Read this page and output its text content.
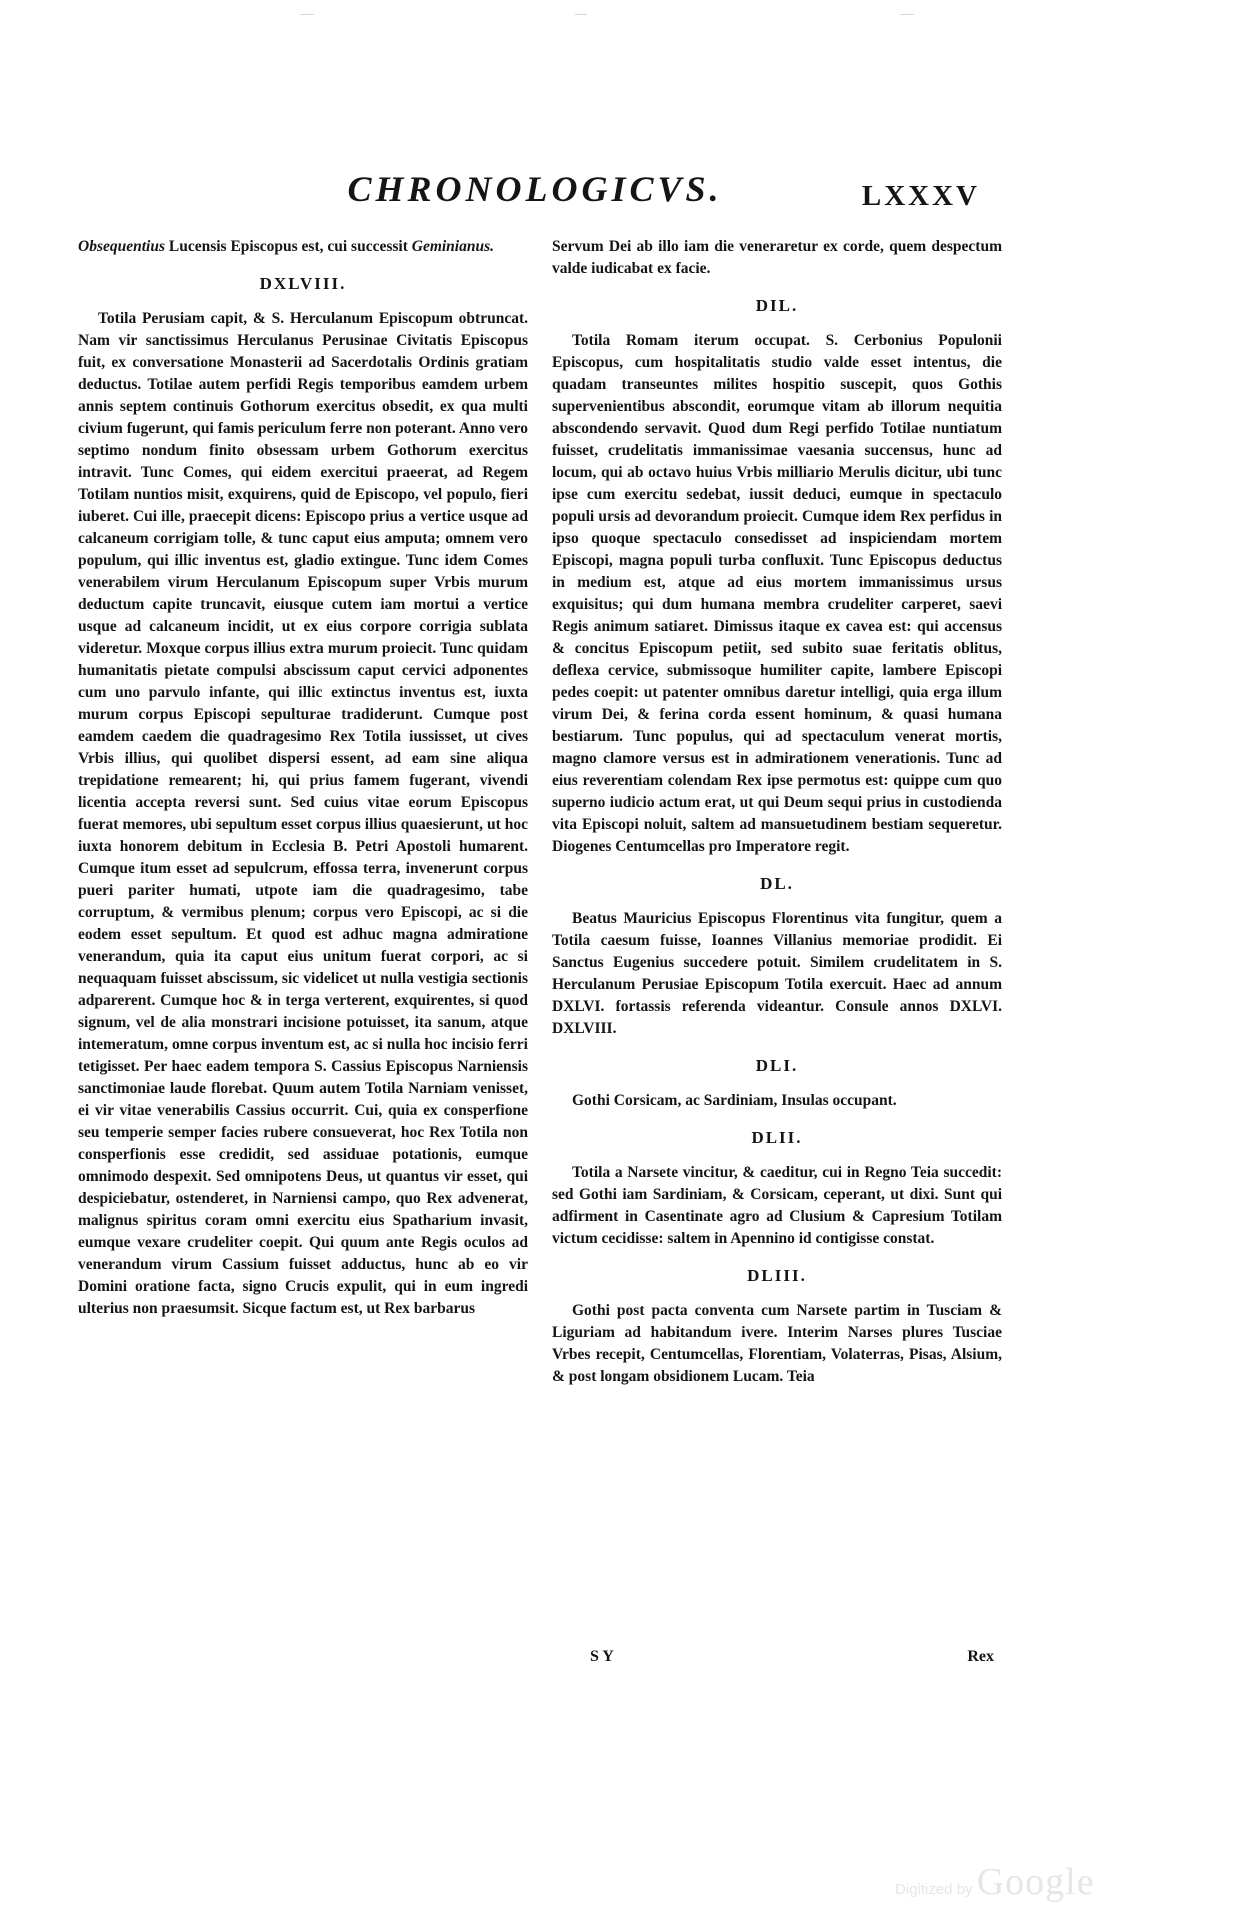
CHRONOLOGICVS.	LXXXV

Obsequentius Lucensis Episcopus est, cui successit Geminianus.

DXLVIII.

Totila Perusiam capit, & S. Herculanum Episcopum obtruncat. Nam vir sanctissimus Herculanus Perusinae Civitatis Episcopus fuit, ex conversatione Monasterii ad Sacerdotalis Ordinis gratiam deductus. Totilae autem perfidi Regis temporibus eamdem urbem annis septem continuis Gothorum exercitus obsedit, ex qua multi civium fugerunt, qui famis periculum ferre non poterant. Anno vero septimo nondum finito obsessam urbem Gothorum exercitus intravit. Tunc Comes, qui eidem exercitui praeerat, ad Regem Totilam nuntios misit, exquirens, quid de Episcopo, vel populo, fieri iuberet. Cui ille, praecepit dicens: Episcopo prius a vertice usque ad calcaneum corrigiam tolle, & tunc caput eius amputa; omnem vero populum, qui illic inventus est, gladio extingue. Tunc idem Comes venerabilem virum Herculanum Episcopum super Vrbis murum deductum capite truncavit, eiusque cutem iam mortui a vertice usque ad calcaneum incidit, ut ex eius corpore corrigia sublata videretur. Moxque corpus illius extra murum proiecit. Tunc quidam humanitatis pietate compulsi abscissum caput cervici adponentes cum uno parvulo infante, qui illic extinctus inventus est, iuxta murum corpus Episcopi sepulturae tradiderunt. Cumque post eamdem caedem die quadragesimo Rex Totila iussisset, ut cives Vrbis illius, qui quolibet dispersi essent, ad eam sine aliqua trepidatione remearent; hi, qui prius famem fugerant, vivendi licentia accepta reversi sunt. Sed cuius vitae eorum Episcopus fuerat memores, ubi sepultum esset corpus illius quaesierunt, ut hoc iuxta honorem debitum in Ecclesia B. Petri Apostoli humarent. Cumque itum esset ad sepulcrum, effossa terra, invenerunt corpus pueri pariter humati, utpote iam die quadragesimo, tabe corruptum, & vermibus plenum; corpus vero Episcopi, ac si die eodem esset sepultum. Et quod est adhuc magna admiratione venerandum, quia ita caput eius unitum fuerat corpori, ac si nequaquam fuisset abscissum, sic videlicet ut nulla vestigia sectionis adparerent. Cumque hoc & in terga verterent, exquirentes, si quod signum, vel de alia monstrari incisione potuisset, ita sanum, atque intemeratum, omne corpus inventum est, ac si nulla hoc incisio ferri tetigisset. Per haec eadem tempora S. Cassius Episcopus Narniensis sanctimoniae laude florebat. Quum autem Totila Narniam venisset, ei vir vitae venerabilis Cassius occurrit. Cui, quia ex consperfione seu temperie semper facies rubere consueverat, hoc Rex Totila non consperfionis esse credidit, sed assiduae potationis, eumque omnimodo despexit. Sed omnipotens Deus, ut quantus vir esset, qui despiciebatur, ostenderet, in Narniensi campo, quo Rex advenerat, malignus spiritus coram omni exercitu eius Spatharium invasit, eumque vexare crudeliter coepit. Qui quum ante Regis oculos ad venerandum virum Cassium fuisset adductus, hunc ab eo vir Domini oratione facta, signo Crucis expulit, qui in eum ingredi ulterius non praesumsit. Sicque factum est, ut Rex barbarus

Servum Dei ab illo iam die veneraretur ex corde, quem despectum valde iudicabat ex facie.

DIL.

Totila Romam iterum occupat. S. Cerbonius Populonii Episcopus, cum hospitalitatis studio valde esset intentus, die quadam transeuntes milites hospitio suscepit, quos Gothis supervenientibus abscondit, eorumque vitam ab illorum nequitia abscondendo servavit. Quod dum Regi perfido Totilae nuntiatum fuisset, crudelitatis immanissimae vaesania succensus, hunc ad locum, qui ab octavo huius Vrbis milliario Merulis dicitur, ubi tunc ipse cum exercitu sedebat, iussit deduci, eumque in spectaculo populi ursis ad devorandum proiecit. Cumque idem Rex perfidus in ipso quoque spectaculo consedisset ad inspiciendam mortem Episcopi, magna populi turba confluxit. Tunc Episcopus deductus in medium est, atque ad eius mortem immanissimus ursus exquisitus; qui dum humana membra crudeliter carperet, saevi Regis animum satiaret. Dimissus itaque ex cavea est: qui accensus & concitus Episcopum petiit, sed subito suae feritatis oblitus, deflexa cervice, submissoque humiliter capite, lambere Episcopi pedes coepit: ut patenter omnibus daretur intelligi, quia erga illum virum Dei, & ferina corda essent hominum, & quasi humana bestiarum. Tunc populus, qui ad spectaculum venerat mortis, magno clamore versus est in admirationem venerationis. Tunc ad eius reverentiam colendam Rex ipse permotus est: quippe cum quo superno iudicio actum erat, ut qui Deum sequi prius in custodienda vita Episcopi noluit, saltem ad mansuetudinem bestiam sequeretur. Diogenes Centumcellas pro Imperatore regit.

DL.

Beatus Mauricius Episcopus Florentinus vita fungitur, quem a Totila caesum fuisse, Ioannes Villanius memoriae prodidit. Ei Sanctus Eugenius succedere potuit. Similem crudelitatem in S. Herculanum Perusiae Episcopum Totila exercuit. Haec ad annum DXLVI. fortassis referenda videantur. Consule annos DXLVI. DXLVIII.

DLI.

Gothi Corsicam, ac Sardiniam, Insulas occupant.

DLII.

Totila a Narsete vincitur, & caeditur, cui in Regno Teia succedit: sed Gothi iam Sardiniam, & Corsicam, ceperant, ut dixi. Sunt qui adfirment in Casentinate agro ad Clusium & Capresium Totilam victum cecidisse: saltem in Apennino id contigisse constat.

DLIII.

Gothi post pacta conventa cum Narsete partim in Tusciam & Liguriam ad habitandum ivere. Interim Narses plures Tusciae Vrbes recepit, Centumcellas, Florentiam, Volaterras, Pisas, Alsium, & post longam obsidionem Lucam. Teia

S Y	Rex
Digitized by Google
